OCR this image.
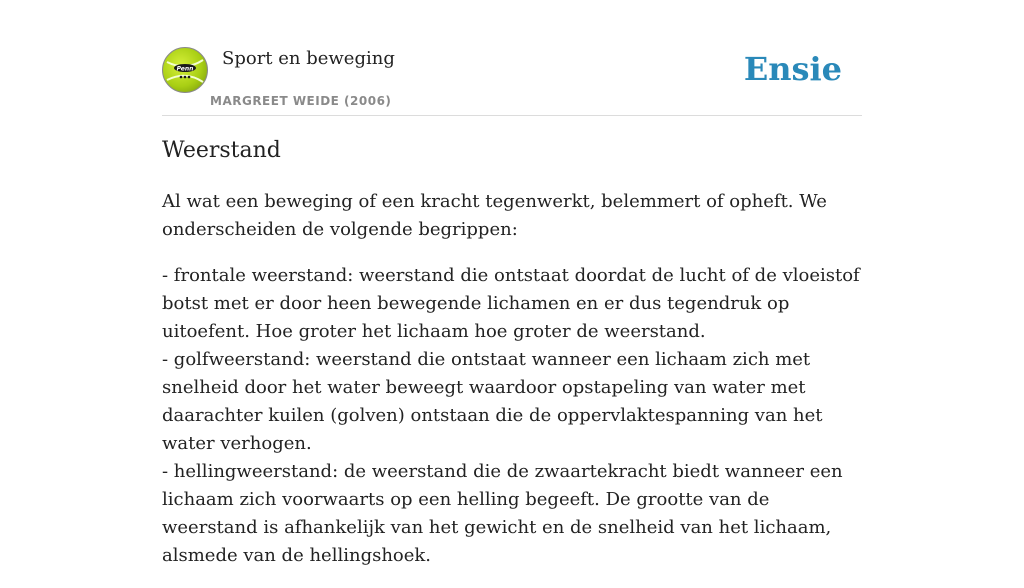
Penn Sport en beweging
MARGREET WEIDE (2006)
Ensie
Weerstand

Al wat een beweging of een kracht tegenwerkt, belemmert of opheft. We onderscheiden de volgende begrippen:

- frontale weerstand: weerstand die ontstaat doordat de lucht of de vloeistof botst met er door heen bewegende lichamen en er dus tegendruk op uitoefent. Hoe groter het lichaam hoe groter de weerstand.
- golfweerstand: weerstand die ontstaat wanneer een lichaam zich met snelheid door het water beweegt waardoor opstapeling van water met daarachter kuilen (golven) ontstaan die de oppervlaktespanning van het water verhogen.
- hellingweerstand: de weerstand die de zwaartekracht biedt wanneer een lichaam zich voorwaarts op een helling begeeft. De grootte van de weerstand is afhankelijk van het gewicht en de snelheid van het lichaam, alsmede van de hellingshoek.
